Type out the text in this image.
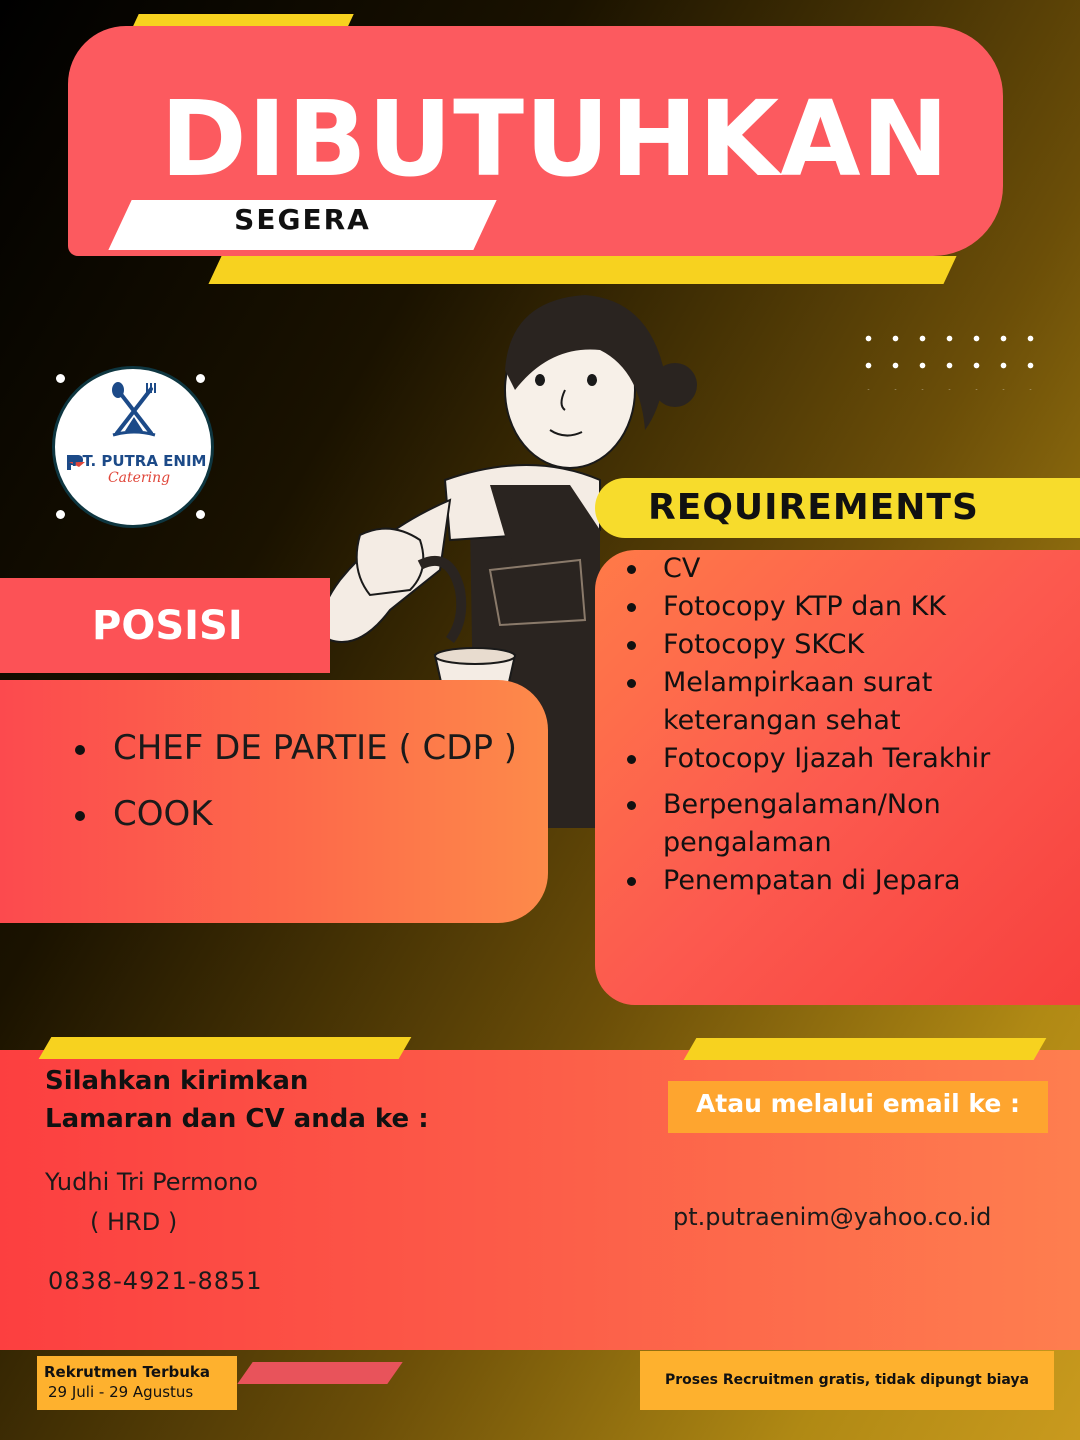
DIBUTUHKAN
SEGERA
PT. PUTRA ENIM
Catering
POSISI
CHEF DE PARTIE ( CDP )
COOK
REQUIREMENTS
CV
Fotocopy KTP dan KK
Fotocopy SKCK
Melampirkaan surat keterangan sehat
Fotocopy Ijazah Terakhir
Berpengalaman/Non pengalaman
Penempatan di Jepara
Silahkan kirimkan
Lamaran dan CV anda ke :
Yudhi Tri Permono
( HRD )
0838-4921-8851
Atau melalui email ke :
pt.putraenim@yahoo.co.id
Rekrutmen Terbuka
29 Juli - 29 Agustus
Proses Recruitmen gratis, tidak dipungt biaya
